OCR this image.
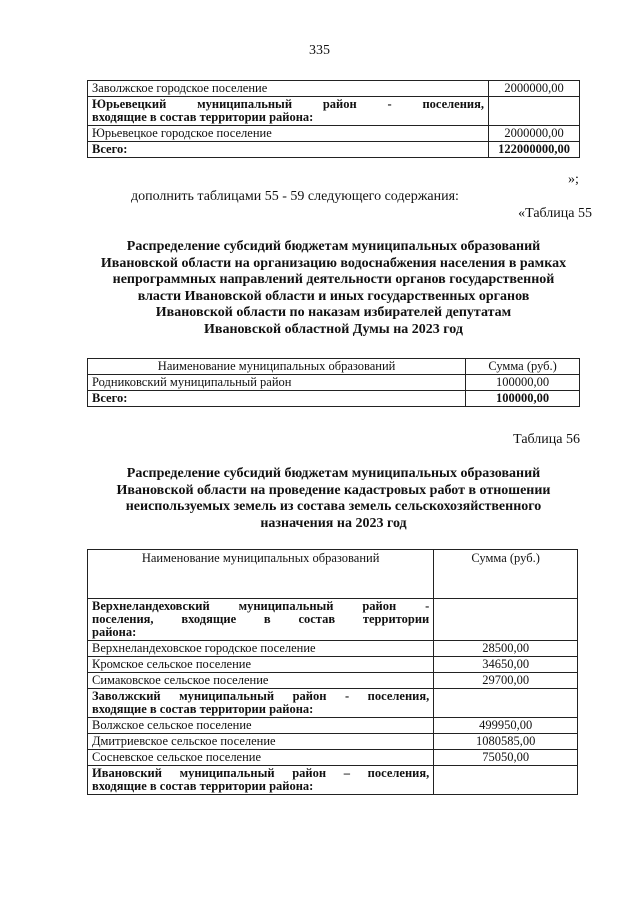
335
Заволжское городское поселение	2000000,00

Юрьевецкий муниципальный район - поселения,
входящие в состав территории района:	

Юрьевецкое городское поселение	2000000,00
Всего:	122000000,00
»;
дополнить таблицами 55 - 59 следующего содержания:
«Таблица 55
Распределение субсидий бюджетам муниципальных образований
Ивановской области на организацию водоснабжения населения в рамках
непрограммных направлений деятельности органов государственной
власти Ивановской области и иных государственных органов
Ивановской области по наказам избирателей депутатам
Ивановской областной Думы на 2023 год
Наименование муниципальных образований	Сумма (руб.)
Родниковский муниципальный район	100000,00
Всего:	100000,00
Таблица 56
Распределение субсидий бюджетам муниципальных образований
Ивановской области на проведение кадастровых работ в отношении
неиспользуемых земель из состава земель сельскохозяйственного
назначения на 2023 год
Наименование муниципальных образований	Сумма (руб.)

Верхнеландеховский муниципальный район -
поселения, входящие в состав территории
района:	

Верхнеландеховское городское поселение	28500,00
Кромское сельское поселение	34650,00
Симаковское сельское поселение	29700,00

Заволжский муниципальный район - поселения,
входящие в состав территории района:	

Волжское сельское поселение	499950,00
Дмитриевское сельское поселение	1080585,00
Сосневское сельское поселение	75050,00

Ивановский муниципальный район – поселения,
входящие в состав территории района:	
